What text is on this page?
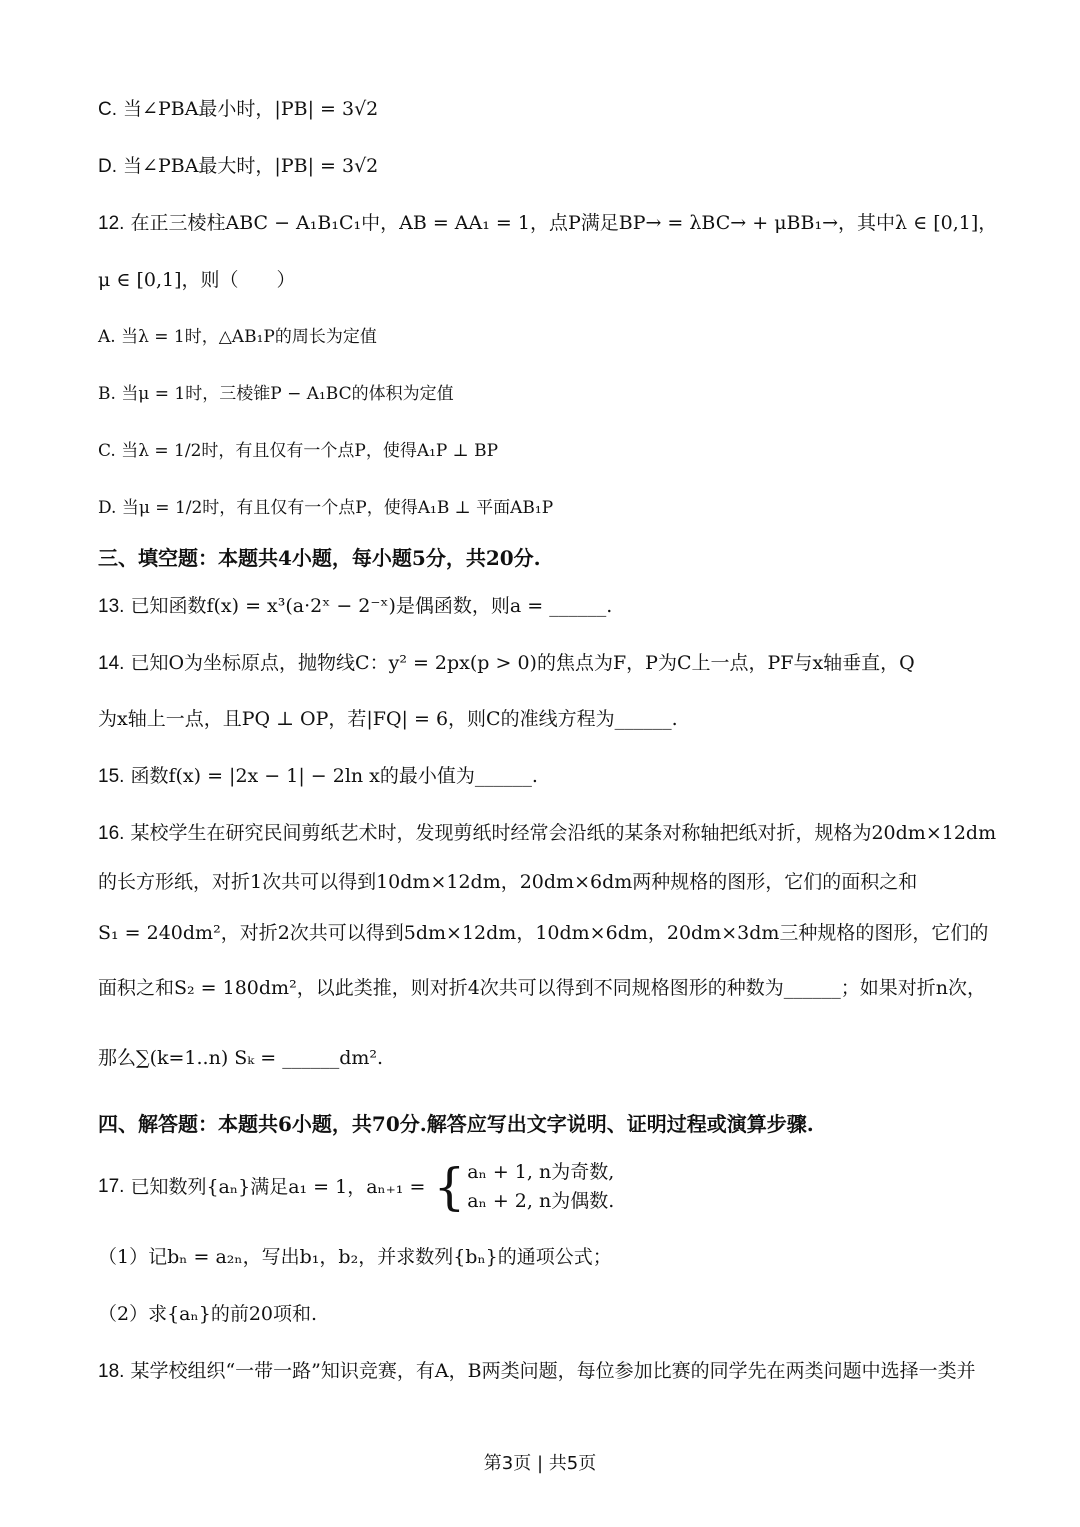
C. 当∠PBA最小时，|PB| = 3√2
D. 当∠PBA最大时，|PB| = 3√2
12. 在正三棱柱ABC − A₁B₁C₁中，AB = AA₁ = 1，点P满足BP→ = λBC→ + μBB₁→，其中λ ∈ [0,1]，
μ ∈ [0,1]，则（　　）
A. 当λ = 1时，△AB₁P的周长为定值
B. 当μ = 1时，三棱锥P − A₁BC的体积为定值
C. 当λ = 1/2时，有且仅有一个点P，使得A₁P ⊥ BP
D. 当μ = 1/2时，有且仅有一个点P，使得A₁B ⊥ 平面AB₁P
三、填空题：本题共4小题，每小题5分，共20分.
13. 已知函数f(x) = x³(a·2ˣ − 2⁻ˣ)是偶函数，则a = ______.
14. 已知O为坐标原点，抛物线C：y² = 2px(p > 0)的焦点为F，P为C上一点，PF与x轴垂直，Q
为x轴上一点，且PQ ⊥ OP，若|FQ| = 6，则C的准线方程为______.
15. 函数f(x) = |2x − 1| − 2ln x的最小值为______.
16. 某校学生在研究民间剪纸艺术时，发现剪纸时经常会沿纸的某条对称轴把纸对折，规格为20dm×12dm
的长方形纸，对折1次共可以得到10dm×12dm，20dm×6dm两种规格的图形，它们的面积之和
S₁ = 240dm²，对折2次共可以得到5dm×12dm，10dm×6dm，20dm×3dm三种规格的图形，它们的
面积之和S₂ = 180dm²，以此类推，则对折4次共可以得到不同规格图形的种数为______；如果对折n次，
那么∑(k=1..n) Sₖ = ______dm².
四、解答题：本题共6小题，共70分.解答应写出文字说明、证明过程或演算步骤.
17. 已知数列{aₙ}满足a₁ = 1，aₙ₊₁ = { aₙ + 1, n为奇数,
aₙ + 2, n为偶数.
（1）记bₙ = a₂ₙ，写出b₁，b₂，并求数列{bₙ}的通项公式；
（2）求{aₙ}的前20项和.
18. 某学校组织“一带一路”知识竞赛，有A，B两类问题，每位参加比赛的同学先在两类问题中选择一类并
第3页 | 共5页
